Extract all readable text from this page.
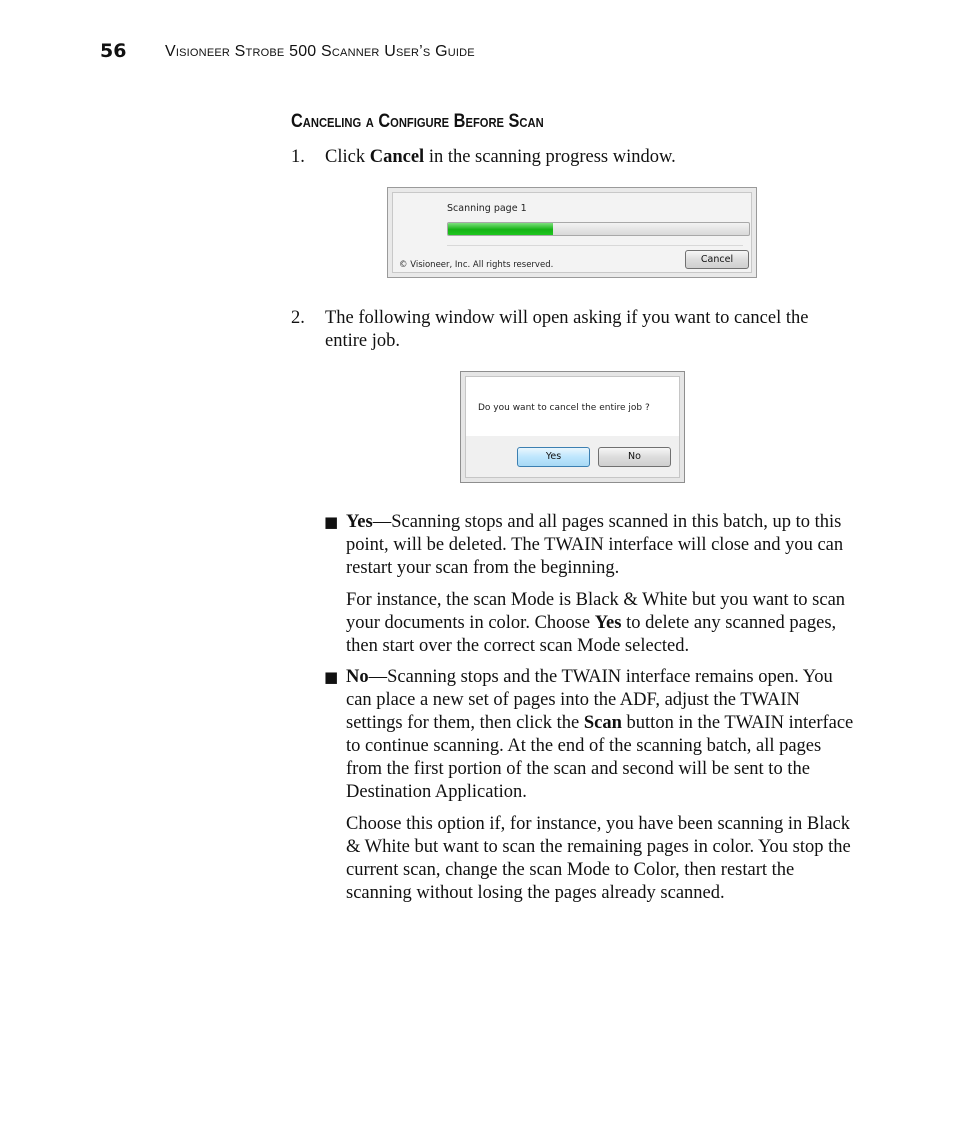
56 Visioneer Strobe 500 Scanner User’s Guide
Canceling a Configure Before Scan
1. Click Cancel in the scanning progress window.
Scanning page 1
© Visioneer, Inc. All rights reserved.	Cancel
2. The following window will open asking if you want to cancel the entire job.
Do you want to cancel the entire job ?
Yes	No
■ Yes—Scanning stops and all pages scanned in this batch, up to this point, will be deleted. The TWAIN interface will close and you can restart your scan from the beginning.
For instance, the scan Mode is Black & White but you want to scan your documents in color. Choose Yes to delete any scanned pages, then start over the correct scan Mode selected.
■ No—Scanning stops and the TWAIN interface remains open. You can place a new set of pages into the ADF, adjust the TWAIN settings for them, then click the Scan button in the TWAIN interface to continue scanning. At the end of the scanning batch, all pages from the first portion of the scan and second will be sent to the Destination Application.
Choose this option if, for instance, you have been scanning in Black & White but want to scan the remaining pages in color. You stop the current scan, change the scan Mode to Color, then restart the scanning without losing the pages already scanned.
